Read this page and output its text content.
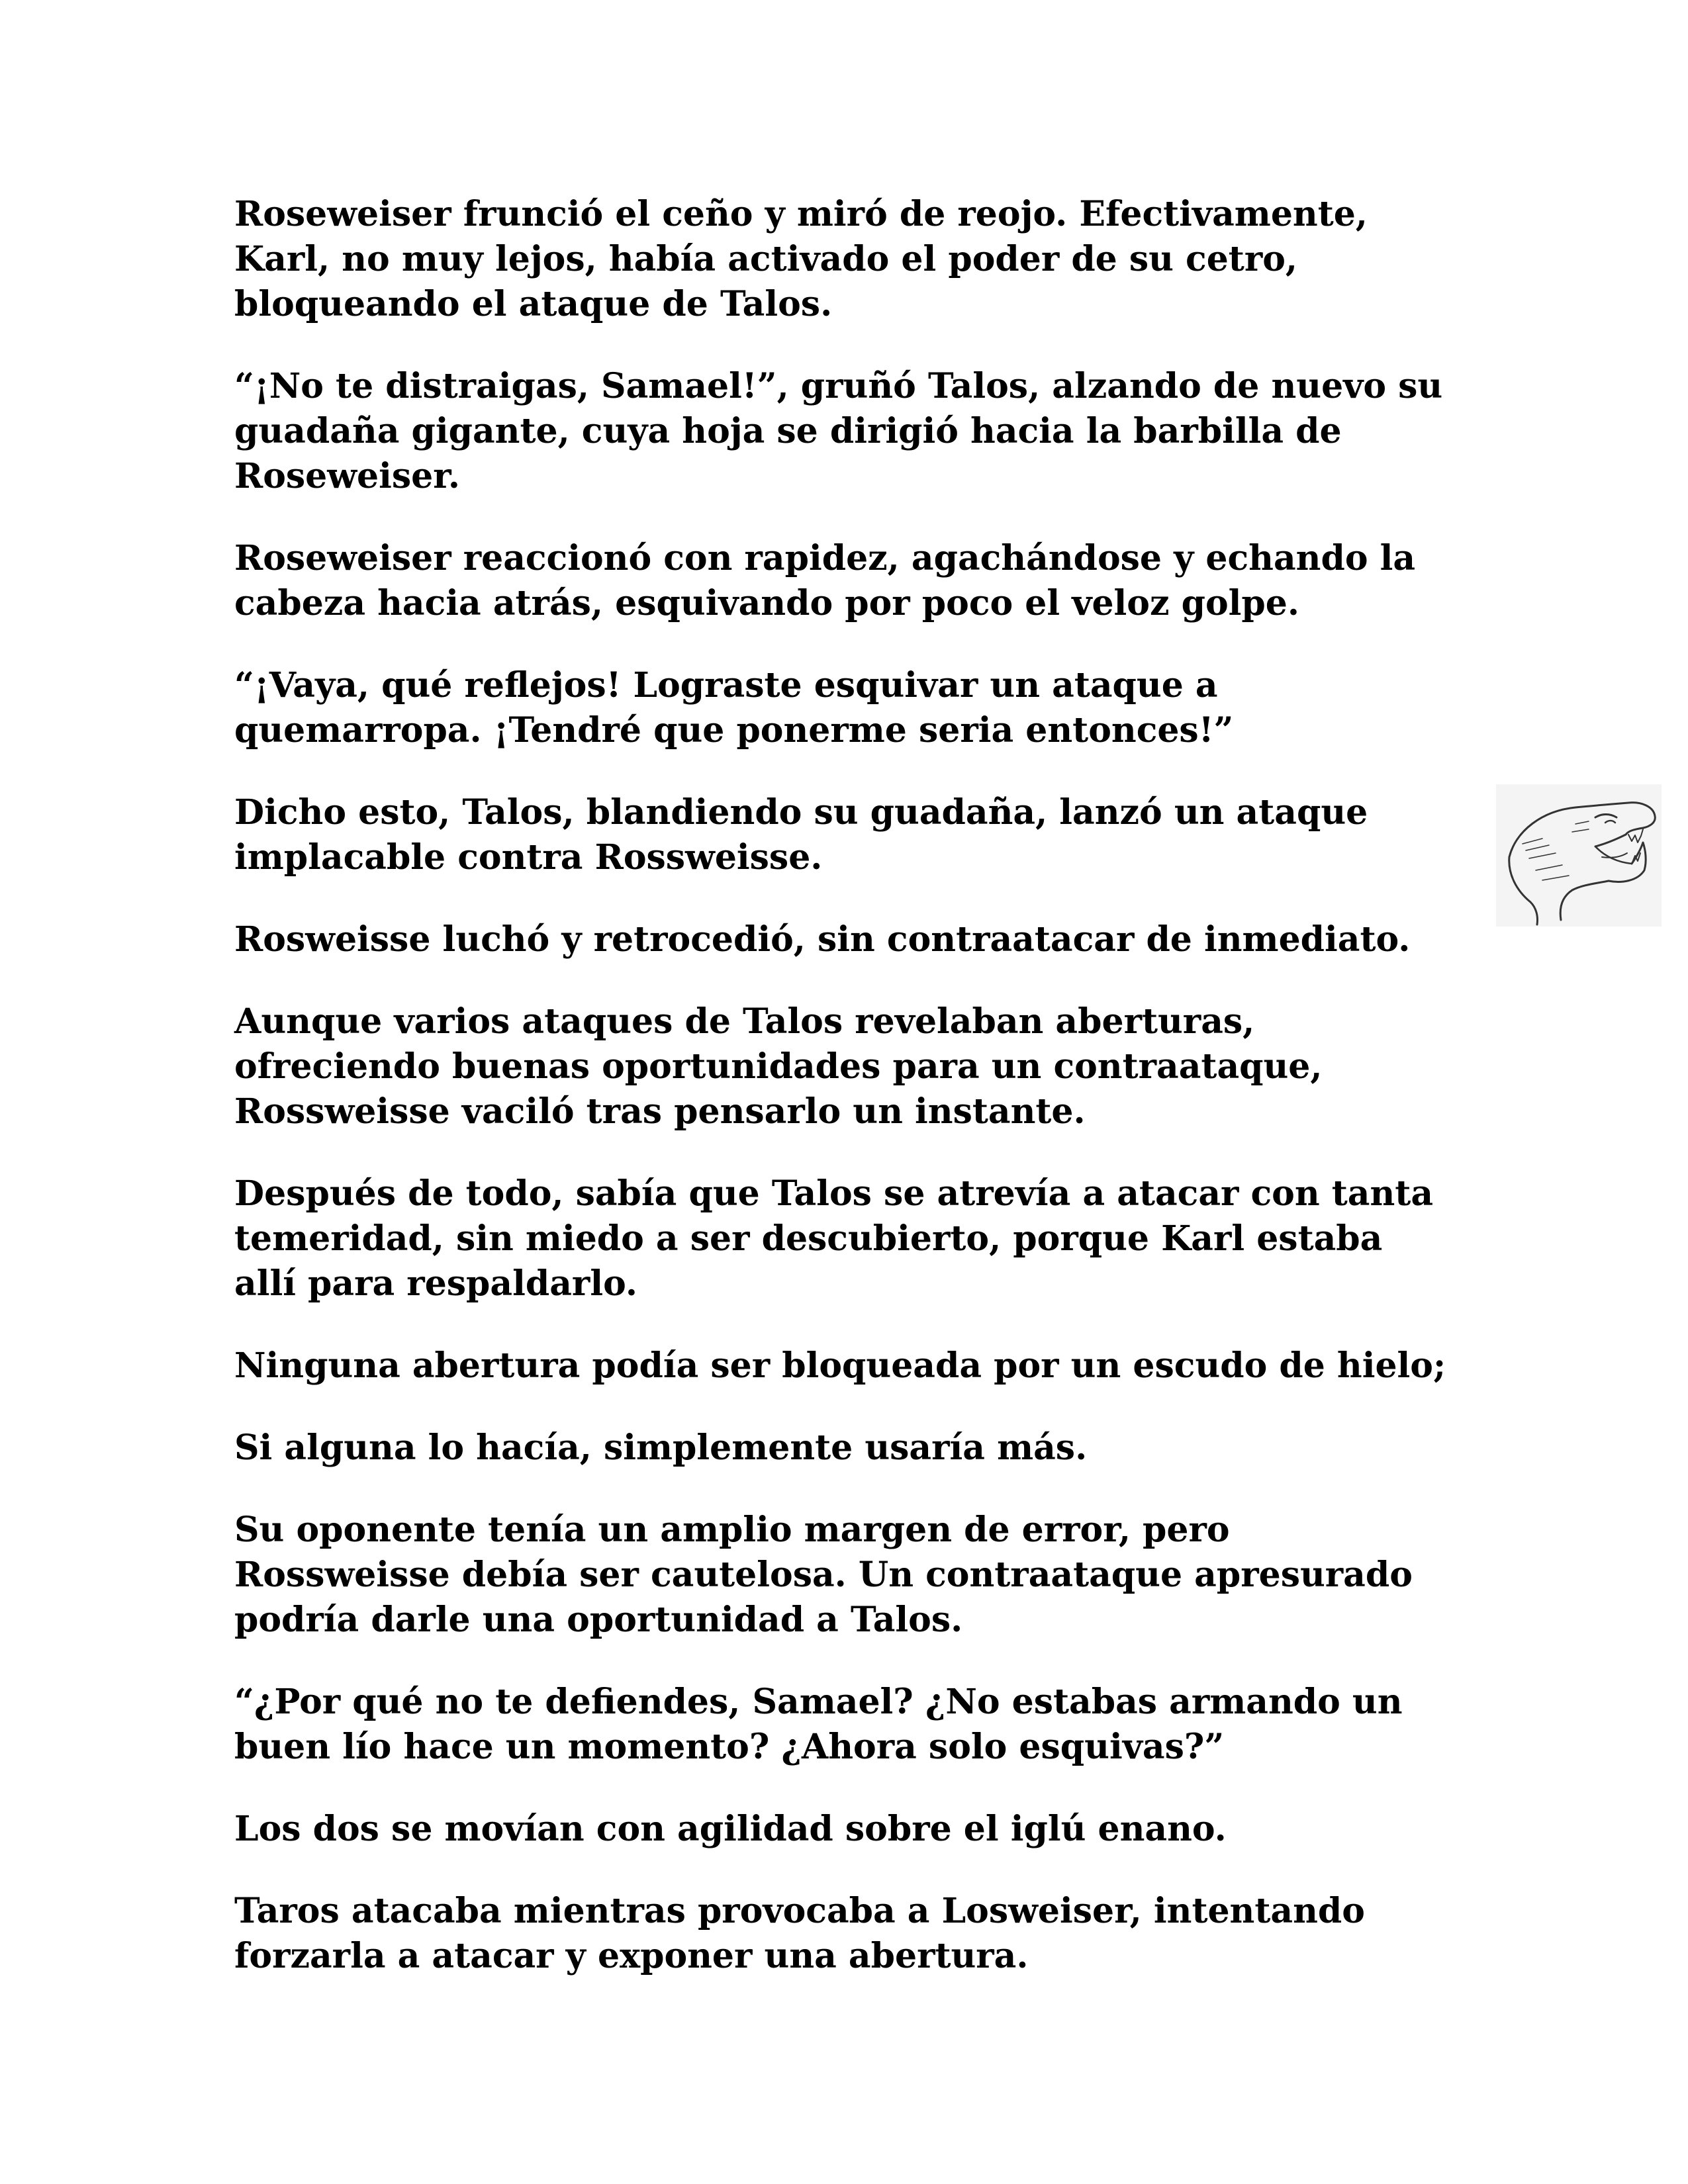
Roseweiser frunció el ceño y miró de reojo. Efectivamente,
Karl, no muy lejos, había activado el poder de su cetro,
bloqueando el ataque de Talos.

“¡No te distraigas, Samael!”, gruñó Talos, alzando de nuevo su
guadaña gigante, cuya hoja se dirigió hacia la barbilla de
Roseweiser.

Roseweiser reaccionó con rapidez, agachándose y echando la
cabeza hacia atrás, esquivando por poco el veloz golpe.

“¡Vaya, qué reflejos! Lograste esquivar un ataque a
quemarropa. ¡Tendré que ponerme seria entonces!”

Dicho esto, Talos, blandiendo su guadaña, lanzó un ataque
implacable contra Rossweisse.

Rosweisse luchó y retrocedió, sin contraatacar de inmediato.

Aunque varios ataques de Talos revelaban aberturas,
ofreciendo buenas oportunidades para un contraataque,
Rossweisse vaciló tras pensarlo un instante.

Después de todo, sabía que Talos se atrevía a atacar con tanta
temeridad, sin miedo a ser descubierto, porque Karl estaba
allí para respaldarlo.

Ninguna abertura podía ser bloqueada por un escudo de hielo;

Si alguna lo hacía, simplemente usaría más.

Su oponente tenía un amplio margen de error, pero
Rossweisse debía ser cautelosa. Un contraataque apresurado
podría darle una oportunidad a Talos.

“¿Por qué no te defiendes, Samael? ¿No estabas armando un
buen lío hace un momento? ¿Ahora solo esquivas?”

Los dos se movían con agilidad sobre el iglú enano.

Taros atacaba mientras provocaba a Losweiser, intentando
forzarla a atacar y exponer una abertura.
